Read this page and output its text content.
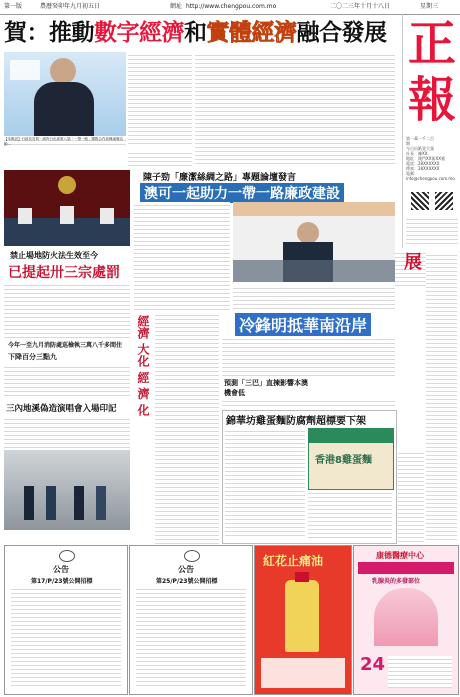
第一版	農曆癸卯年九月初五日	網址 http://www.chengpou.com.mo	二〇二三年十月十八日	星期三
賀：推動數字經濟和實體經濟融合發展 正
報
第一萬一千二百
期
今日出紙壹大張
社長：陳XX
地址：澳門XX街XX號
電話：28XXXXXX
傳真：28XXXXXX
電郵：info@chengpou.com.mo
【本報訊】行政長官賀一誠昨日出席第八屆「一帶一路」國際合作高峰論壇活動...
禁止場地防火法生效至今
已提起卅三宗處罰
今年一至九月消防處巡檢執三萬八千多間住
下降百分三點九
三內地溪偽造演唱會入場印記
陳子勁「廉潔絲綢之路」專題論壇發言
澳可一起助力一帶一路廉政建設
經濟 大化 經 濟 化	冷鋒明抵華南沿岸
預測「三巴」直揀影響本澳
機會低
錦華坊雞蛋麵防腐劑超標要下架
香港8雞蛋麵
展
公告
第17/P/23號公開招標
公告
第25/P/23號公開招標
紅花止痛油	康德醫療中心
乳腺炎的多發部位
24
